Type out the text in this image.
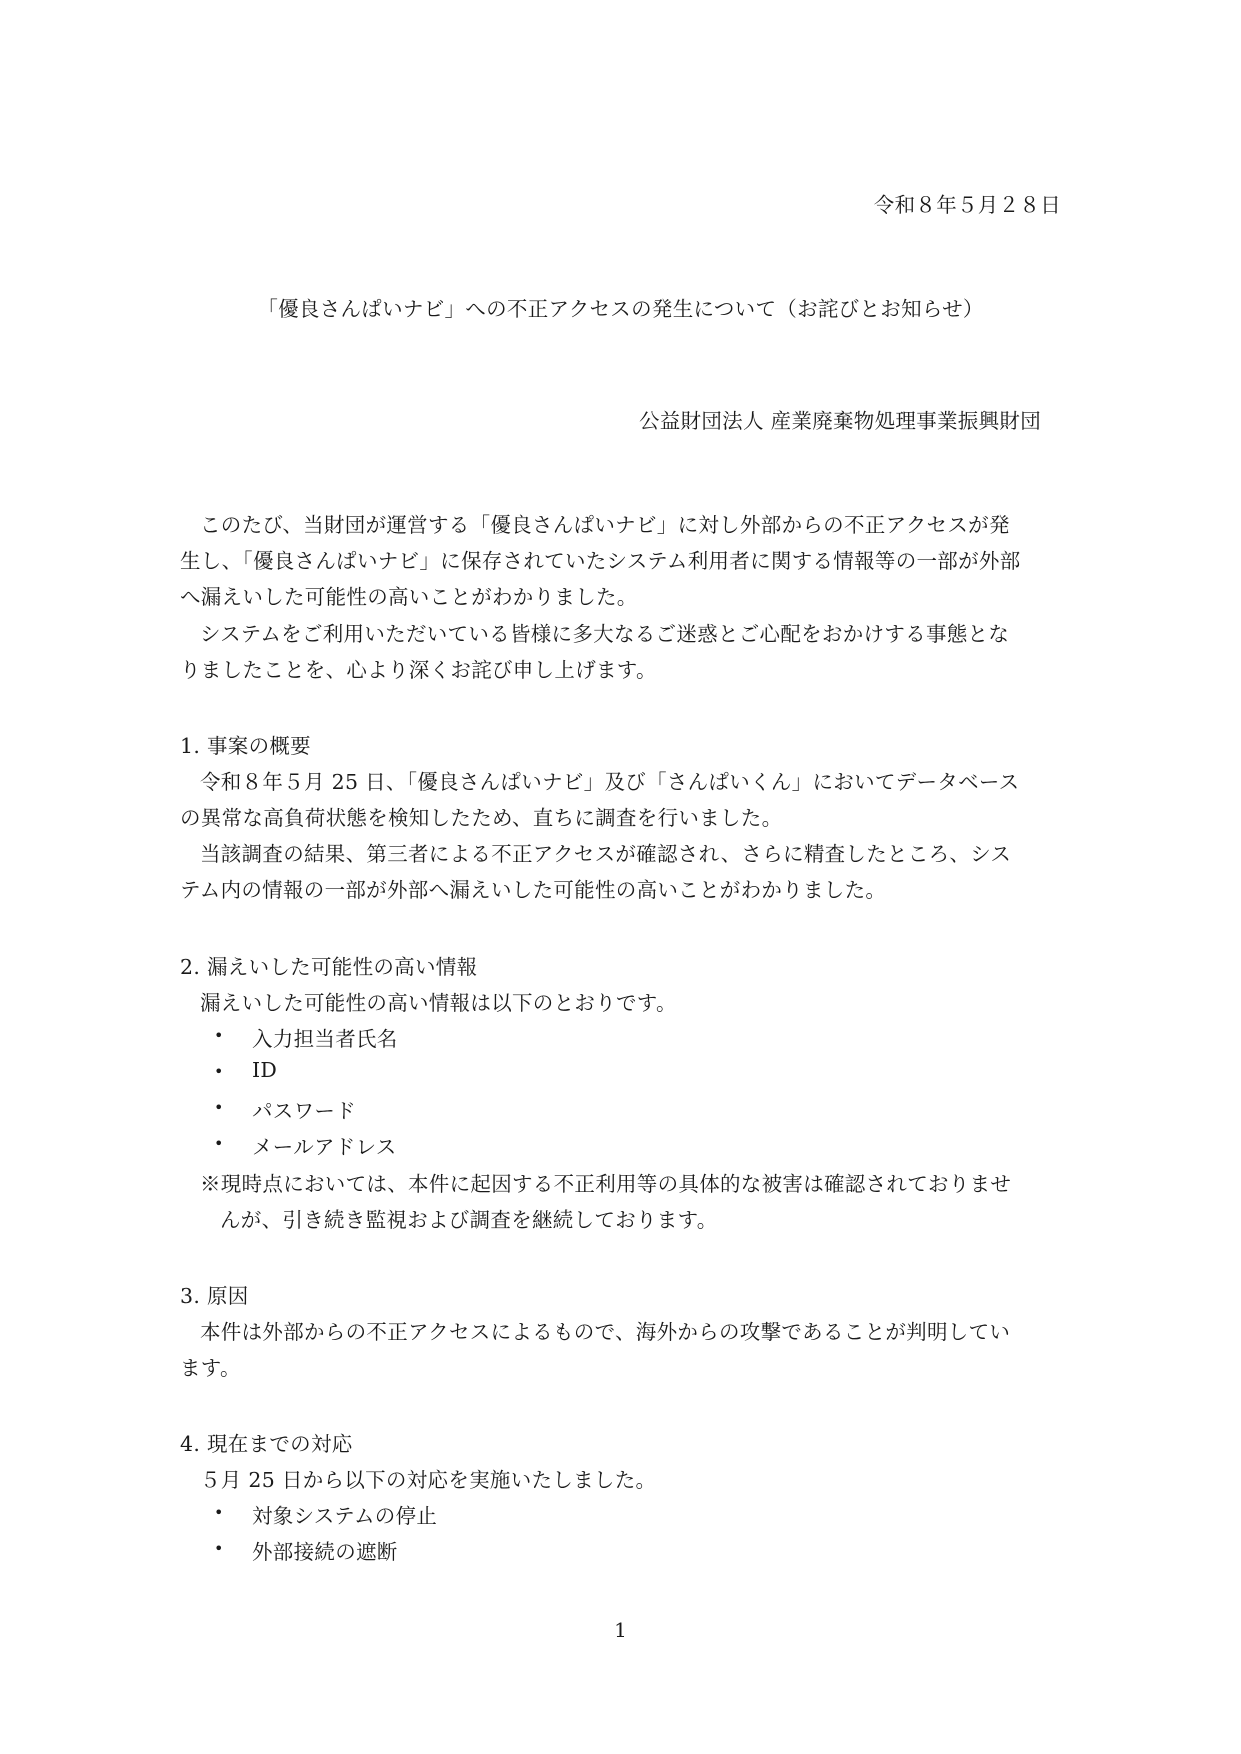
令和８年５月２８日
「優良さんぱいナビ」への不正アクセスの発生について（お詫びとお知らせ）
公益財団法人 産業廃棄物処理事業振興財団
このたび、当財団が運営する「優良さんぱいナビ」に対し外部からの不正アクセスが発
生し、「優良さんぱいナビ」に保存されていたシステム利用者に関する情報等の一部が外部
へ漏えいした可能性の高いことがわかりました。
システムをご利用いただいている皆様に多大なるご迷惑とご心配をおかけする事態とな
りましたことを、心より深くお詫び申し上げます。
1. 事案の概要
令和８年５月 25 日、「優良さんぱいナビ」及び「さんぱいくん」においてデータベース
の異常な高負荷状態を検知したため、直ちに調査を行いました。
当該調査の結果、第三者による不正アクセスが確認され、さらに精査したところ、シス
テム内の情報の一部が外部へ漏えいした可能性の高いことがわかりました。
2. 漏えいした可能性の高い情報
漏えいした可能性の高い情報は以下のとおりです。
• 入力担当者氏名
• ID
• パスワード
• メールアドレス
※現時点においては、本件に起因する不正利用等の具体的な被害は確認されておりませ
んが、引き続き監視および調査を継続しております。
3. 原因
本件は外部からの不正アクセスによるもので、海外からの攻撃であることが判明してい
ます。
4. 現在までの対応
５月 25 日から以下の対応を実施いたしました。
• 対象システムの停止
• 外部接続の遮断
1
